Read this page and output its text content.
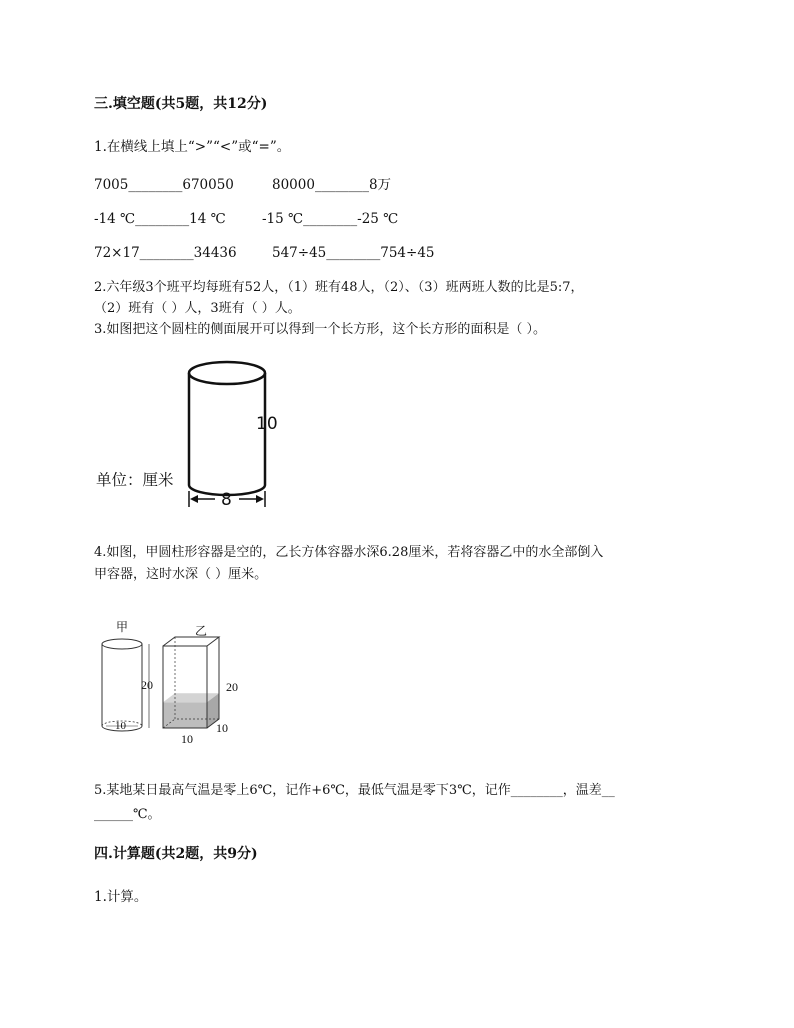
三.填空题(共5题，共12分)
1.在横线上填上“>”“<”或“=”。
7005________670050	80000________8万
-14 ℃________14 ℃	-15 ℃________-25 ℃
72×17________34436	547÷45________754÷45
2.六年级3个班平均每班有52人，（1）班有48人，（2）、（3）班两班人数的比是5:7，
（2）班有（ ）人，3班有（ ）人。
3.如图把这个圆柱的侧面展开可以得到一个长方形，这个长方形的面积是（ ）。
10
8
单位：厘米
4.如图，甲圆柱形容器是空的，乙长方体容器水深6.28厘米，若将容器乙中的水全部倒入
甲容器，这时水深（ ）厘米。
甲
10
20
乙
20
10
10
5.某地某日最高气温是零上6℃，记作+6℃，最低气温是零下3℃，记作________，温差__
______℃。
四.计算题(共2题，共9分)
1.计算。
